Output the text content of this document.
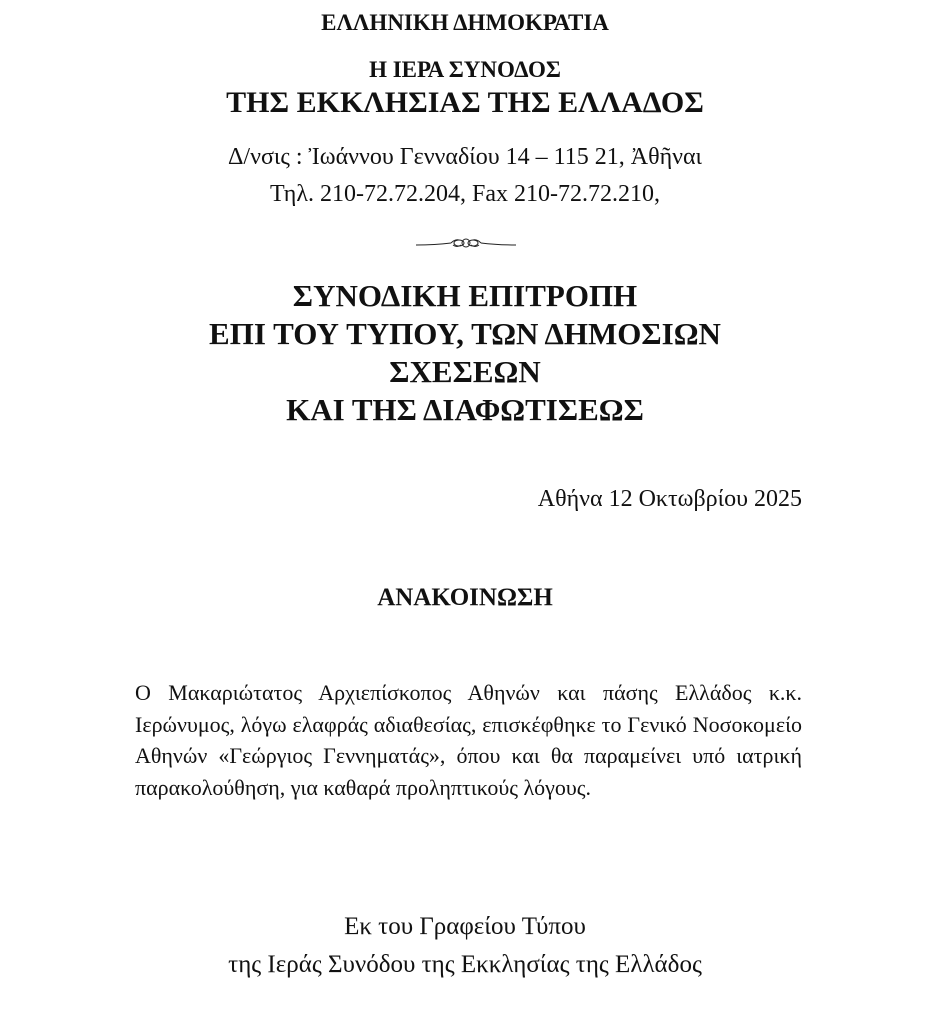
ΕΛΛΗΝΙΚΗ ΔΗΜΟΚΡΑΤΙΑ

Η ΙΕΡΑ ΣΥΝΟΔΟΣ

ΤΗΣ ΕΚΚΛΗΣΙΑΣ ΤΗΣ ΕΛΛΑΔΟΣ

Δ/νσις : Ἰωάννου Γενναδίου 14 – 115 21, Ἀθῆναι

Τηλ. 210-72.72.204, Fax 210-72.72.210,

ΣΥΝΟΔΙΚΗ ΕΠΙΤΡΟΠΗ
ΕΠΙ ΤΟΥ ΤΥΠΟΥ, ΤΩΝ ΔΗΜΟΣΙΩΝ
ΣΧΕΣΕΩΝ
ΚΑΙ ΤΗΣ ΔΙΑΦΩΤΙΣΕΩΣ

Αθήνα 12 Οκτωβρίου 2025

ΑΝΑΚΟΙΝΩΣΗ

Ο Μακαριώτατος Αρχιεπίσκοπος Αθηνών και πάσης Ελλάδος κ.κ. Ιερώνυμος, λόγω ελαφράς αδιαθεσίας, επισκέφθηκε το Γενικό Νοσοκομείο Αθηνών «Γεώργιος Γεννηματάς», όπου και θα παραμείνει υπό ιατρική παρακολούθηση, για καθαρά προληπτικούς λόγους.

Εκ του Γραφείου Τύπου

της Ιεράς Συνόδου της Εκκλησίας της Ελλάδος
